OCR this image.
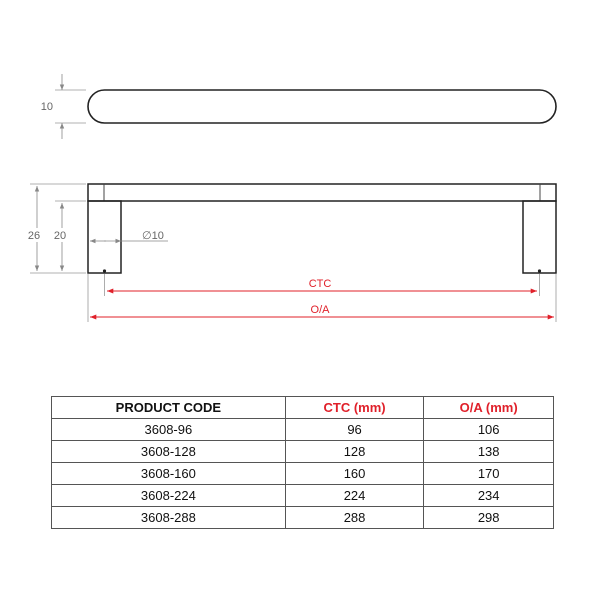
10
26 20	∅10
CTC
O/A
PRODUCT CODE	CTC (mm)	O/A (mm)
3608-96	96	106
3608-128	128	138
3608-160	160	170
3608-224	224	234
3608-288	288	298
